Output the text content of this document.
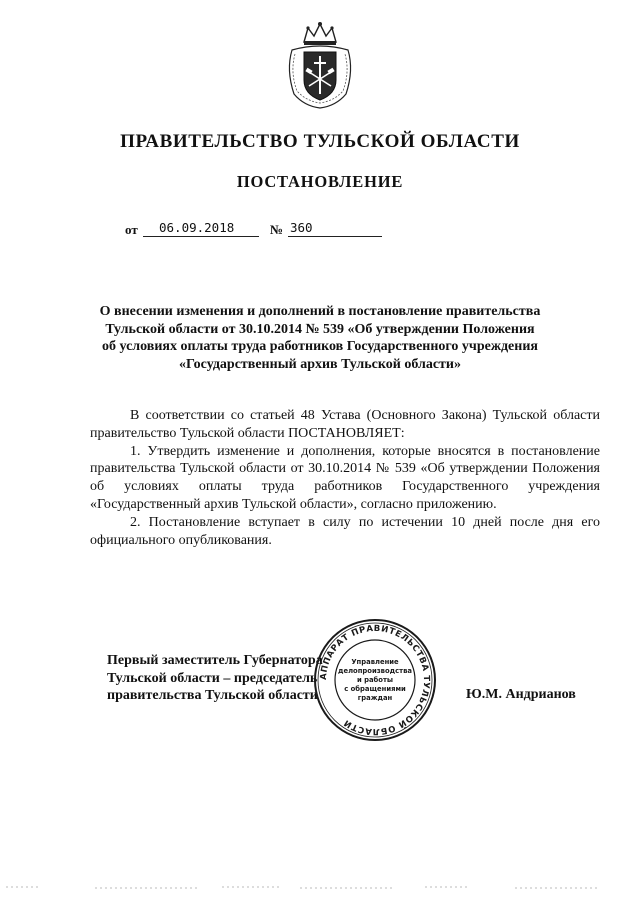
ПРАВИТЕЛЬСТВО ТУЛЬСКОЙ ОБЛАСТИ
ПОСТАНОВЛЕНИЕ
от	06.09.2018	№ 360
О внесении изменения и дополнений в постановление правительства
Тульской области от 30.10.2014 № 539 «Об утверждении Положения
об условиях оплаты труда работников Государственного учреждения
«Государственный архив Тульской области»

В соответствии со статьей 48 Устава (Основного Закона) Тульской области правительство Тульской области ПОСТАНОВЛЯЕТ:

1. Утвердить изменение и дополнения, которые вносятся в постановление правительства Тульской области от 30.10.2014 № 539 «Об утверждении Положения об условиях оплаты труда работников Государственного учреждения «Государственный архив Тульской области», согласно приложению.

2. Постановление вступает в силу по истечении 10 дней после дня его официального опубликования.

Первый заместитель Губернатора
Тульской области – председатель
правительства Тульской области
АППАРАТ ПРАВИТЕЛЬСТВА ТУЛЬСКОЙ ОБЛАСТИ
Управление
делопроизводства
и работы
с обращениями
граждан	Ю.М. Андрианов
